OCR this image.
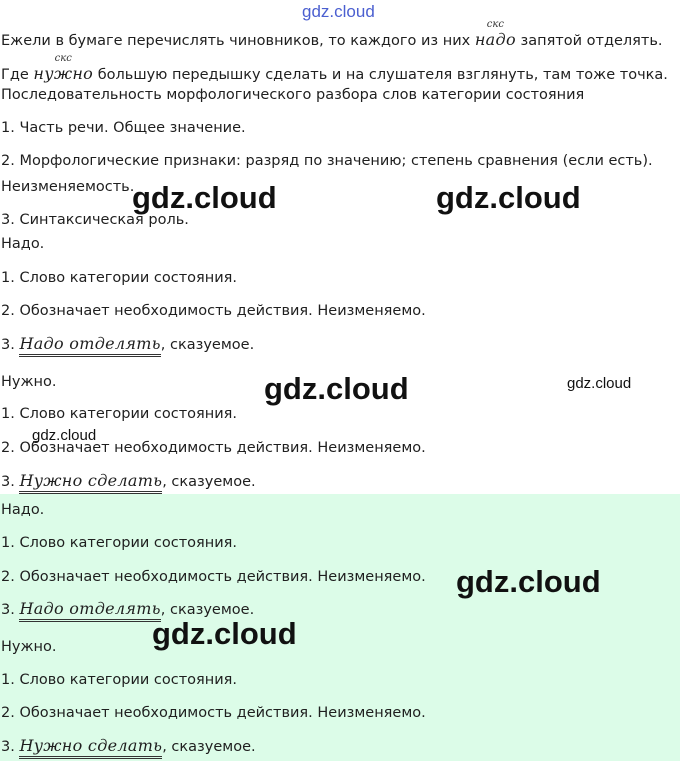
gdz.cloud
Ежели в бумаге перечислять чиновников, то каждого из них
скс
надо запятой отделять.
Где
скс
нужно большую передышку сделать и на слушателя взглянуть, там тоже точка.
Последовательность морфологического разбора слов категории состояния
1. Часть речи. Общее значение.
2. Морфологические признаки: разряд по значению; степень сравнения (если есть).
Неизменяемость.
3. Синтаксическая роль.
Надо.
1. Слово категории состояния.
2. Обозначает необходимость действия. Неизменяемо.
3. Надо отделять, сказуемое.
Нужно.
1. Слово категории состояния.
2. Обозначает необходимость действия. Неизменяемо.
3. Нужно сделать, сказуемое.
Надо.
1. Слово категории состояния.
2. Обозначает необходимость действия. Неизменяемо.
3. Надо отделять, сказуемое.
Нужно.
1. Слово категории состояния.
2. Обозначает необходимость действия. Неизменяемо.
3. Нужно сделать, сказуемое.
gdz.cloud	gdz.cloud
gdz.cloud	gdz.cloud
gdz.cloud
gdz.cloud
gdz.cloud
